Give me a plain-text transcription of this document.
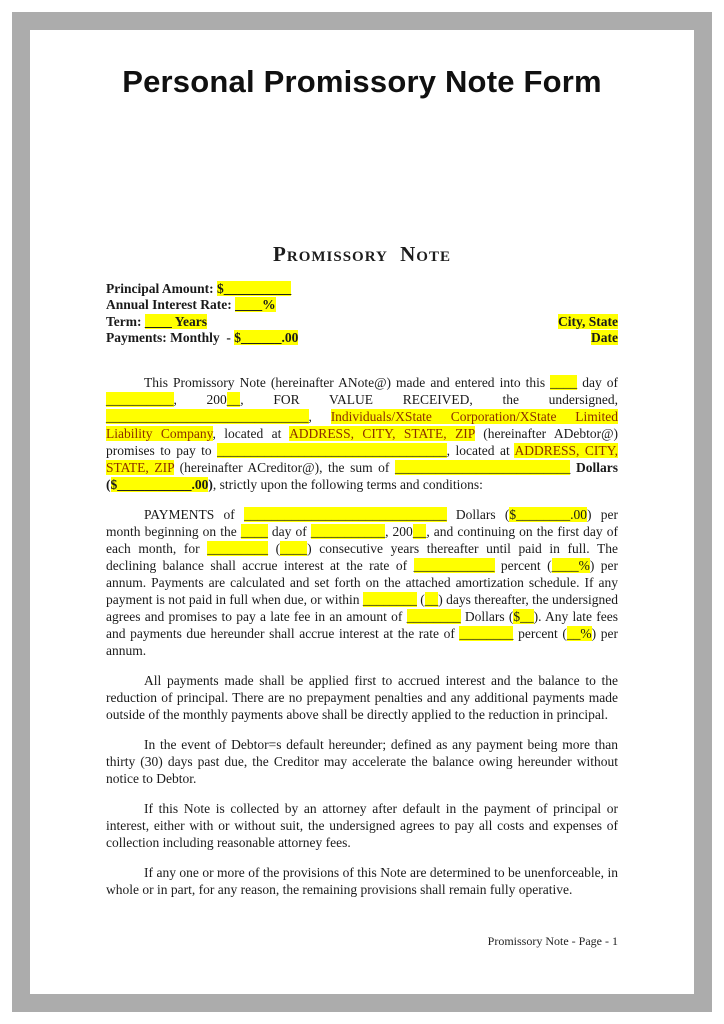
Personal Promissory Note Form
Promissory Note
Principal Amount: $__________
Annual Interest Rate: ____%
Term: ____ Years	City, State
Payments: Monthly  - $______.00	Date

This Promissory Note (hereinafter ANote@) made and entered into this ____ day of __________, 200__, FOR VALUE RECEIVED, the undersigned, ______________________________, Individuals/XState Corporation/XState Limited Liability Company, located at ADDRESS, CITY, STATE, ZIP (hereinafter ADebtor@) promises to pay to __________________________________, located at ADDRESS, CITY, STATE, ZIP (hereinafter ACreditor@), the sum of __________________________ Dollars ($___________.00), strictly upon the following terms and conditions:

PAYMENTS of ______________________________ Dollars ($________.00) per month beginning on the ____ day of ___________, 200__, and continuing on the first day of each month, for _________ (____) consecutive years thereafter until paid in full. The declining balance shall accrue interest at the rate of ____________ percent (____%) per annum. Payments are calculated and set forth on the attached amortization schedule. If any payment is not paid in full when due, or within ________ (__) days thereafter, the undersigned agrees and promises to pay a late fee in an amount of ________ Dollars ($__). Any late fees and payments due hereunder shall accrue interest at the rate of ________ percent (__%) per annum.

All payments made shall be applied first to accrued interest and the balance to the reduction of principal. There are no prepayment penalties and any additional payments made outside of the monthly payments above shall be directly applied to the reduction in principal.

In the event of Debtor=s default hereunder; defined as any payment being more than thirty (30) days past due, the Creditor may accelerate the balance owing hereunder without notice to Debtor.

If this Note is collected by an attorney after default in the payment of principal or interest, either with or without suit, the undersigned agrees to pay all costs and expenses of collection including reasonable attorney fees.

If any one or more of the provisions of this Note are determined to be unenforceable, in whole or in part, for any reason, the remaining provisions shall remain fully operative.

Promissory Note - Page - 1
